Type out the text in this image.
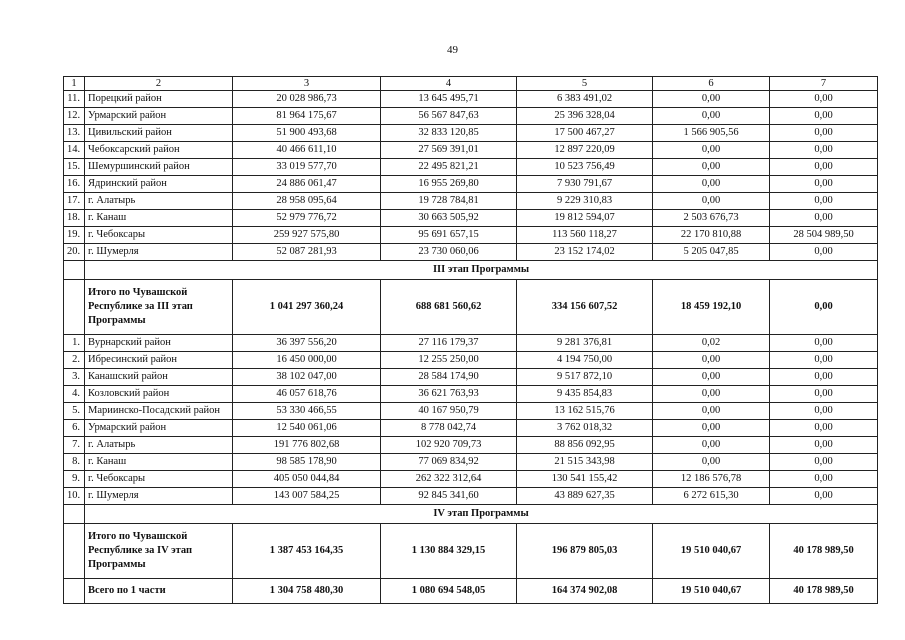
49
1	2	3	4	5	6	7
11.	Порецкий район	20 028 986,73	13 645 495,71	6 383 491,02	0,00	0,00
12.	Урмарский район	81 964 175,67	56 567 847,63	25 396 328,04	0,00	0,00
13.	Цивильский район	51 900 493,68	32 833 120,85	17 500 467,27	1 566 905,56	0,00
14.	Чебоксарский район	40 466 611,10	27 569 391,01	12 897 220,09	0,00	0,00
15.	Шемуршинский район	33 019 577,70	22 495 821,21	10 523 756,49	0,00	0,00
16.	Ядринский район	24 886 061,47	16 955 269,80	7 930 791,67	0,00	0,00
17.	г. Алатырь	28 958 095,64	19 728 784,81	9 229 310,83	0,00	0,00
18.	г. Канаш	52 979 776,72	30 663 505,92	19 812 594,07	2 503 676,73	0,00
19.	г. Чебоксары	259 927 575,80	95 691 657,15	113 560 118,27	22 170 810,88	28 504 989,50
20.	г. Шумерля	52 087 281,93	23 730 060,06	23 152 174,02	5 205 047,85	0,00
	III этап Программы					
	Итого по Чувашской Республике за III этап Программы	1 041 297 360,24	688 681 560,62	334 156 607,52	18 459 192,10	0,00
1.	Вурнарский район	36 397 556,20	27 116 179,37	9 281 376,81	0,02	0,00
2.	Ибресинский район	16 450 000,00	12 255 250,00	4 194 750,00	0,00	0,00
3.	Канашский район	38 102 047,00	28 584 174,90	9 517 872,10	0,00	0,00
4.	Козловский район	46 057 618,76	36 621 763,93	9 435 854,83	0,00	0,00
5.	Мариинско-Посадский район	53 330 466,55	40 167 950,79	13 162 515,76	0,00	0,00
6.	Урмарский район	12 540 061,06	8 778 042,74	3 762 018,32	0,00	0,00
7.	г. Алатырь	191 776 802,68	102 920 709,73	88 856 092,95	0,00	0,00
8.	г. Канаш	98 585 178,90	77 069 834,92	21 515 343,98	0,00	0,00
9.	г. Чебоксары	405 050 044,84	262 322 312,64	130 541 155,42	12 186 576,78	0,00
10.	г. Шумерля	143 007 584,25	92 845 341,60	43 889 627,35	6 272 615,30	0,00
	IV этап Программы					
	Итого по Чувашской Республике за IV этап Программы	1 387 453 164,35	1 130 884 329,15	196 879 805,03	19 510 040,67	40 178 989,50
	Всего по 1 части	1 304 758 480,30	1 080 694 548,05	164 374 902,08	19 510 040,67	40 178 989,50
